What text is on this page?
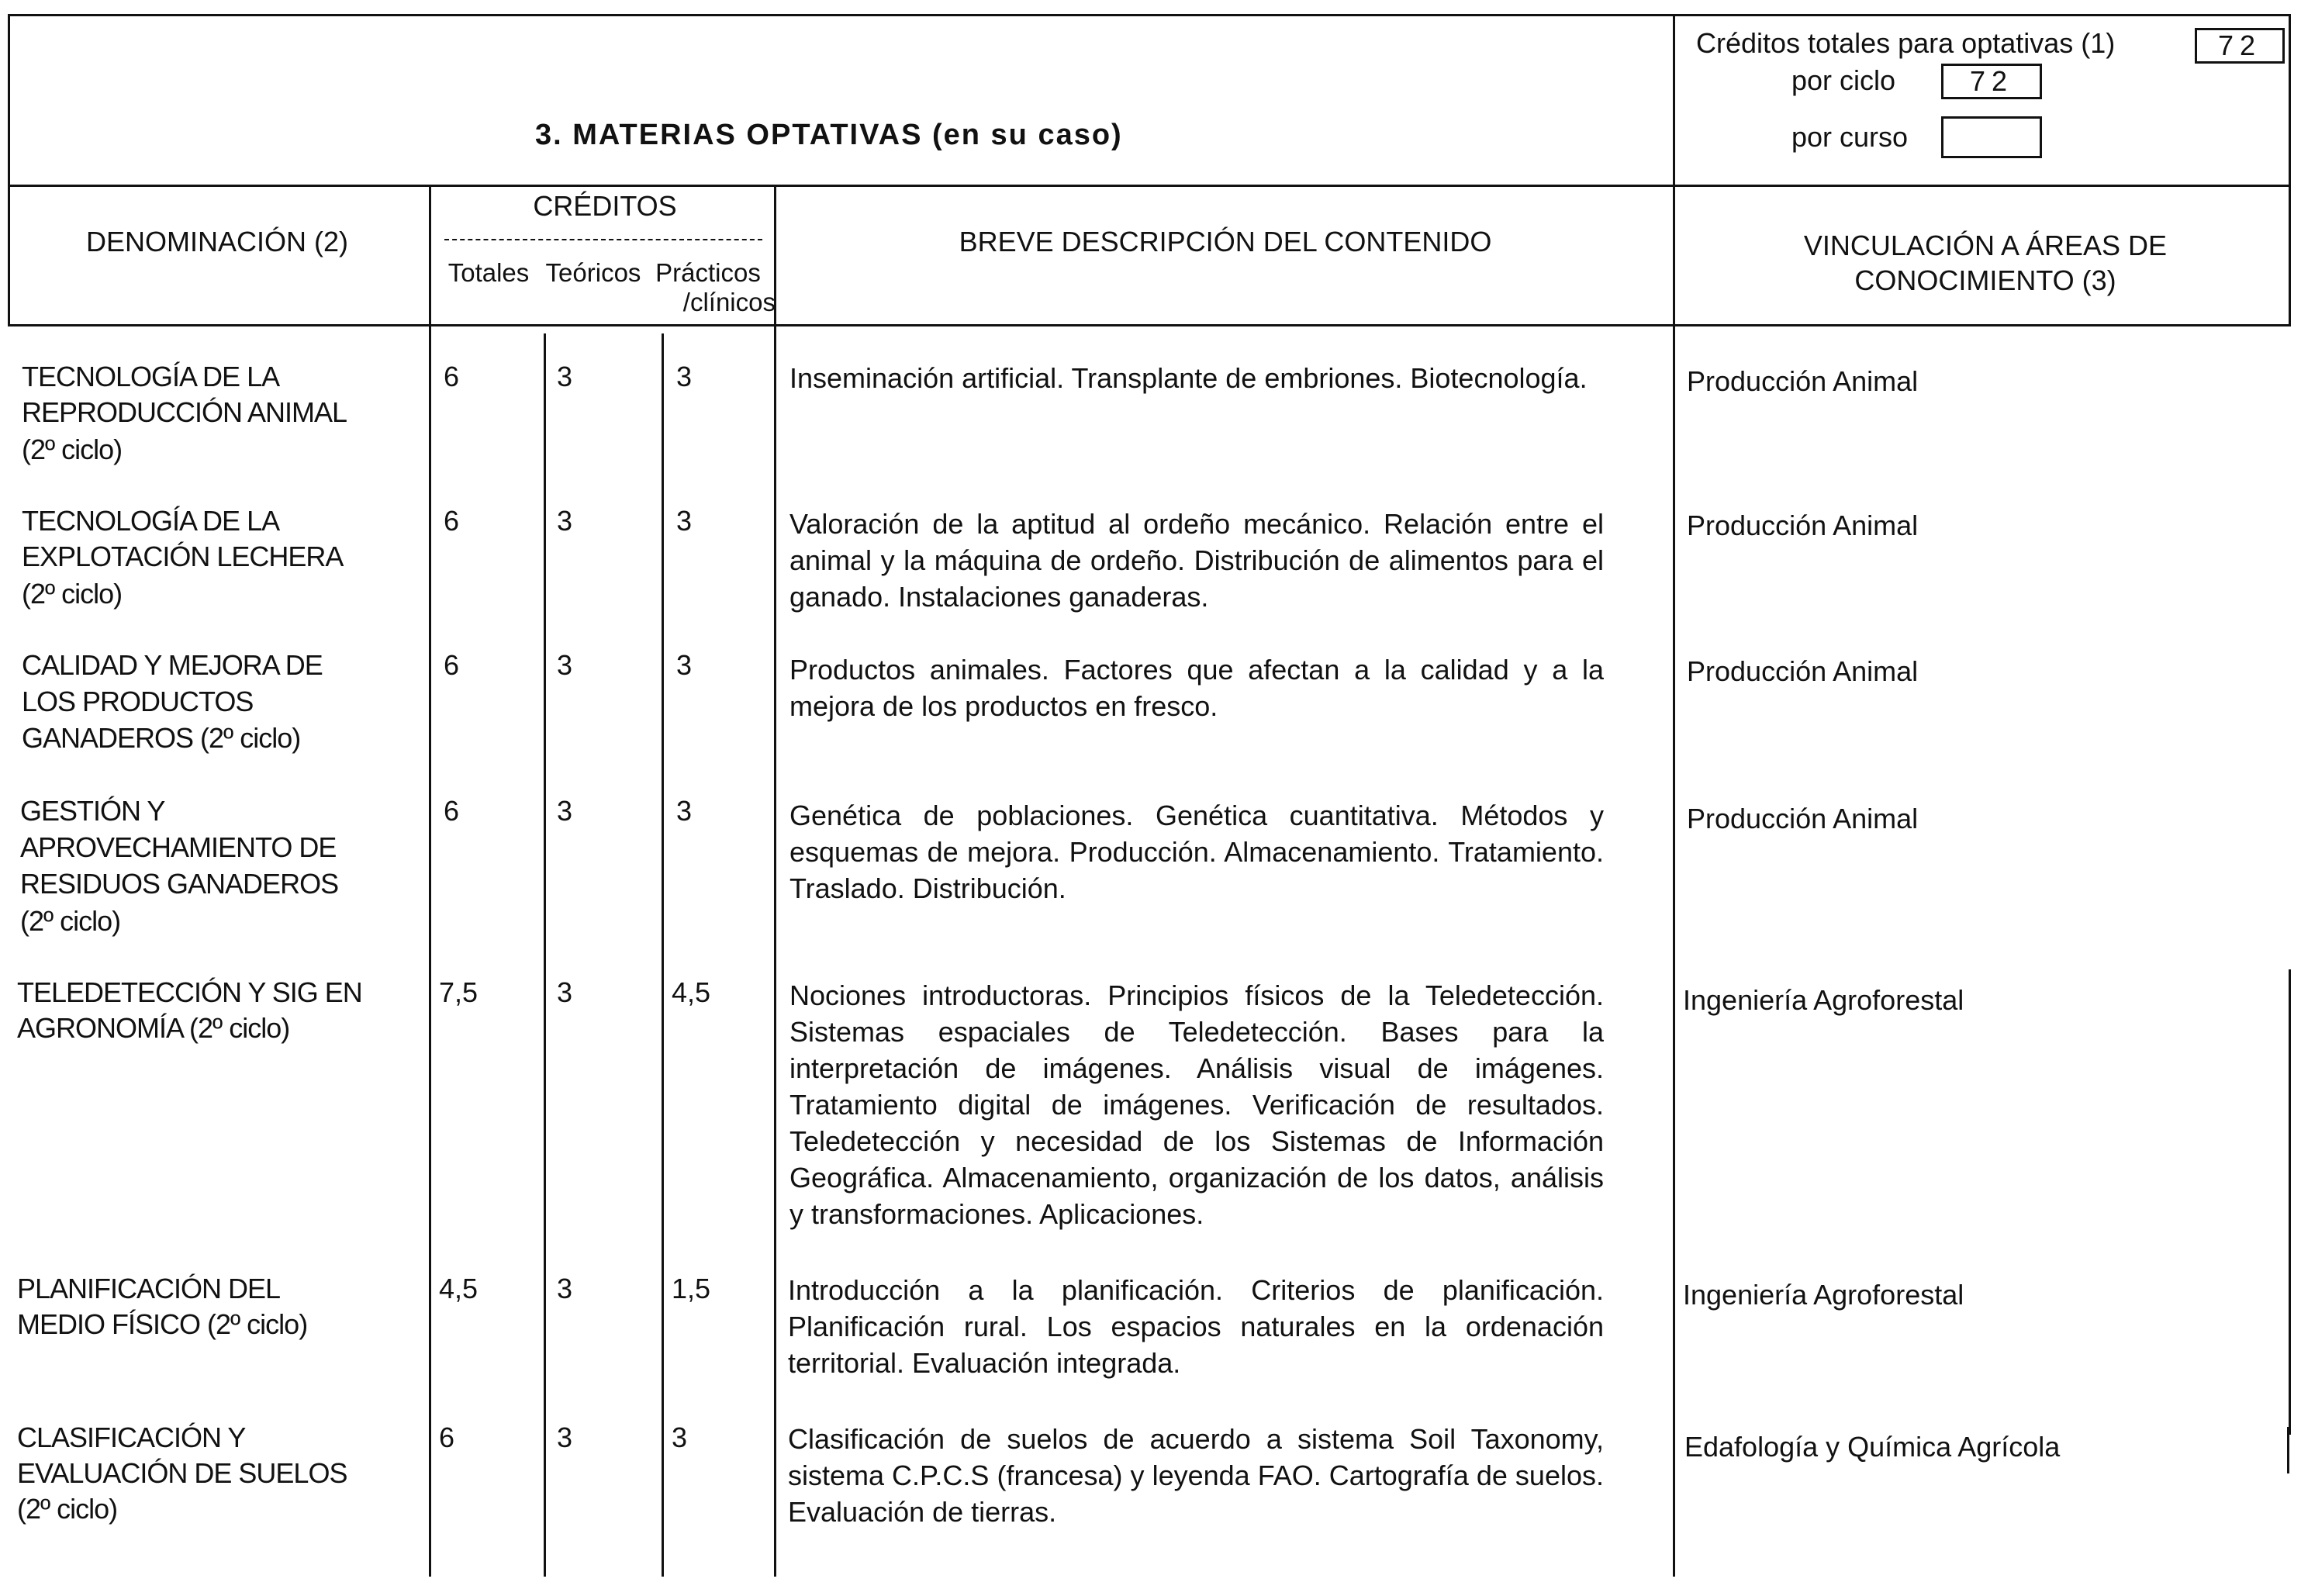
3. MATERIAS OPTATIVAS (en su caso)
Créditos totales para optativas (1)	72
por ciclo	72
por curso
DENOMINACIÓN (2)
CRÉDITOS
Totales Teóricos Prácticos
/clínicos
BREVE DESCRIPCIÓN DEL CONTENIDO	VINCULACIÓN A ÁREAS DE
CONOCIMIENTO (3)
TECNOLOGÍA DE LA
REPRODUCCIÓN ANIMAL
(2º ciclo)
6	3	3	Inseminación artificial. Transplante de embriones. Biotecnología.	Producción Animal
TECNOLOGÍA DE LA
EXPLOTACIÓN LECHERA
(2º ciclo)
6	3	3	Valoración de la aptitud al ordeño mecánico. Relación entre el animal y la máquina de ordeño. Distribución de alimentos para el ganado. Instalaciones ganaderas.
Producción Animal
CALIDAD Y MEJORA DE
LOS PRODUCTOS
GANADEROS (2º ciclo)
6	3	3	Productos animales. Factores que afectan a la calidad y a la mejora de los productos en fresco.
Producción Animal
GESTIÓN Y
APROVECHAMIENTO DE
RESIDUOS GANADEROS
(2º ciclo)
6	3	3	Genética de poblaciones. Genética cuantitativa. Métodos y esquemas de mejora. Producción. Almacenamiento. Tratamiento. Traslado. Distribución.
Producción Animal
TELEDETECCIÓN Y SIG EN
AGRONOMÍA (2º ciclo)
7,5	3	4,5	Nociones introductoras. Principios físicos de la Teledetección. Sistemas espaciales de Teledetección. Bases para la interpretación de imágenes. Análisis visual de imágenes. Tratamiento digital de imágenes. Verificación de resultados. Teledetección y necesidad de los Sistemas de Información Geográfica. Almacenamiento, organización de los datos, análisis y transformaciones. Aplicaciones.
Ingeniería Agroforestal
PLANIFICACIÓN DEL
MEDIO FÍSICO (2º ciclo)
4,5	3	1,5	Introducción a la planificación. Criterios de planificación. Planificación rural. Los espacios naturales en la ordenación territorial. Evaluación integrada.
Ingeniería Agroforestal
CLASIFICACIÓN Y
EVALUACIÓN DE SUELOS
(2º ciclo)
6	3	3	Clasificación de suelos de acuerdo a sistema Soil Taxonomy, sistema C.P.C.S (francesa) y leyenda FAO. Cartografía de suelos. Evaluación de tierras.
Edafología y Química Agrícola
